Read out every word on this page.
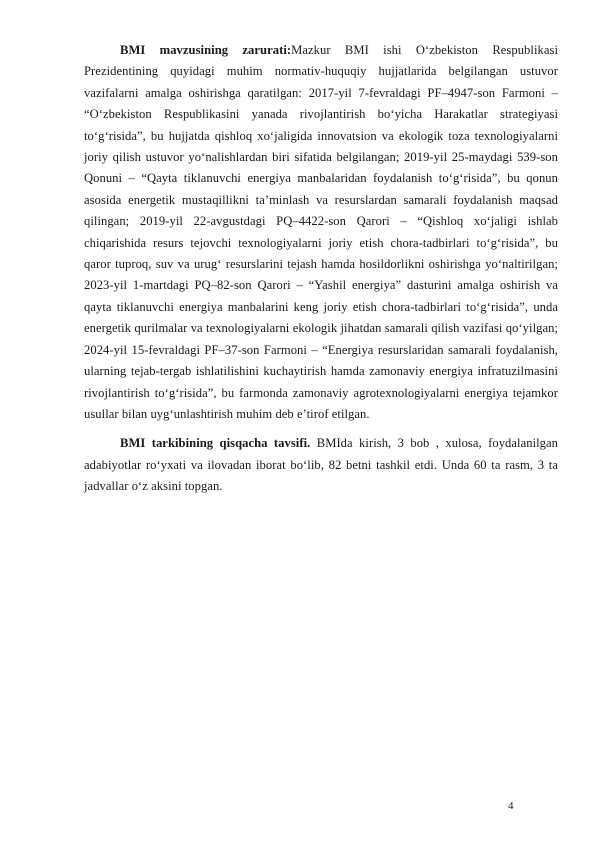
BMI mavzusining zarurati:Mazkur BMI ishi O‘zbekiston Respublikasi Prezidentining quyidagi muhim normativ-huquqiy hujjatlarida belgilangan ustuvor vazifalarni amalga oshirishga qaratilgan: 2017-yil 7-fevraldagi PF–4947-son Farmoni – “O‘zbekiston Respublikasini yanada rivojlantirish bo‘yicha Harakatlar strategiyasi to‘g‘risida”, bu hujjatda qishloq xo‘jaligida innovatsion va ekologik toza texnologiyalarni joriy qilish ustuvor yo‘nalishlardan biri sifatida belgilangan; 2019-yil 25-maydagi 539-son Qonuni – “Qayta tiklanuvchi energiya manbalaridan foydalanish to‘g‘risida”, bu qonun asosida energetik mustaqillikni ta’minlash va resurslardan samarali foydalanish maqsad qilingan; 2019-yil 22-avgustdagi PQ–4422-son Qarori – “Qishloq xo‘jaligi ishlab chiqarishida resurs tejovchi texnologiyalarni joriy etish chora-tadbirlari to‘g‘risida”, bu qaror tuproq, suv va urug‘ resurslarini tejash hamda hosildorlikni oshirishga yo‘naltirilgan; 2023-yil 1-martdagi PQ–82-son Qarori – “Yashil energiya” dasturini amalga oshirish va qayta tiklanuvchi energiya manbalarini keng joriy etish chora-tadbirlari to‘g‘risida”, unda energetik qurilmalar va texnologiyalarni ekologik jihatdan samarali qilish vazifasi qo‘yilgan; 2024-yil 15-fevraldagi PF–37-son Farmoni – “Energiya resurslaridan samarali foydalanish, ularning tejab-tergab ishlatilishini kuchaytirish hamda zamonaviy energiya infratuzilmasini rivojlantirish to‘g‘risida”, bu farmonda zamonaviy agrotexnologiyalarni energiya tejamkor usullar bilan uyg‘unlashtirish muhim deb e’tirof etilgan.

BMI tarkibining qisqacha tavsifi. BMIda kirish, 3 bob , xulosa, foydalanilgan adabiyotlar ro‘yxati va ilovadan iborat bo‘lib, 82 betni tashkil etdi. Unda 60 ta rasm, 3 ta jadvallar o‘z aksini topgan.

4
